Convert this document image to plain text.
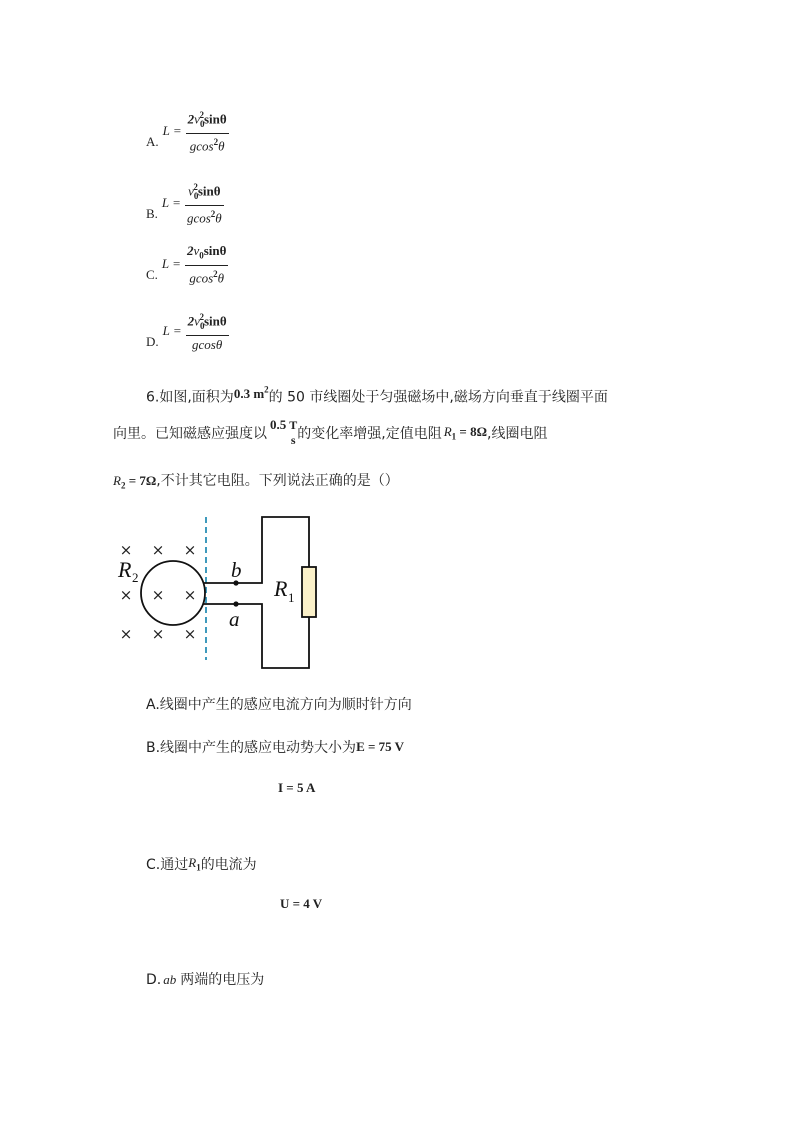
A.
$L = \frac{2v_0^2\sin\theta}{gcos^2\theta}$
B.
$L = \frac{v_0^2\sin\theta}{gcos^2\theta}$
C.
$L = \frac{2v_0\sin\theta}{gcos^2\theta}$
D.
$L = \frac{2v_0^2\sin\theta}{gcos\theta}$
6.如图,面积为0.3 $m^2$的 50 市线圈处于匀强磁场中,磁场方向垂直于线圈平面
向里。已知磁感应强度以
0.5 T
s 的变化率增强,定值电阻 $R_1 = 8\Omega$ ,线圈电阻
$R_2 = 7\Omega$,不计其它电阻。下列说法正确的是（）
× × ×
× × ×
× × ×
R 2	b
a
R 1
A.线圈中产生的感应电流方向为顺时针方向
B.线圈中产生的感应电动势大小为E = 75 V
I = 5 A
C.通过$R_1$的电流为
U = 4 V
D. ab 两端的电压为
